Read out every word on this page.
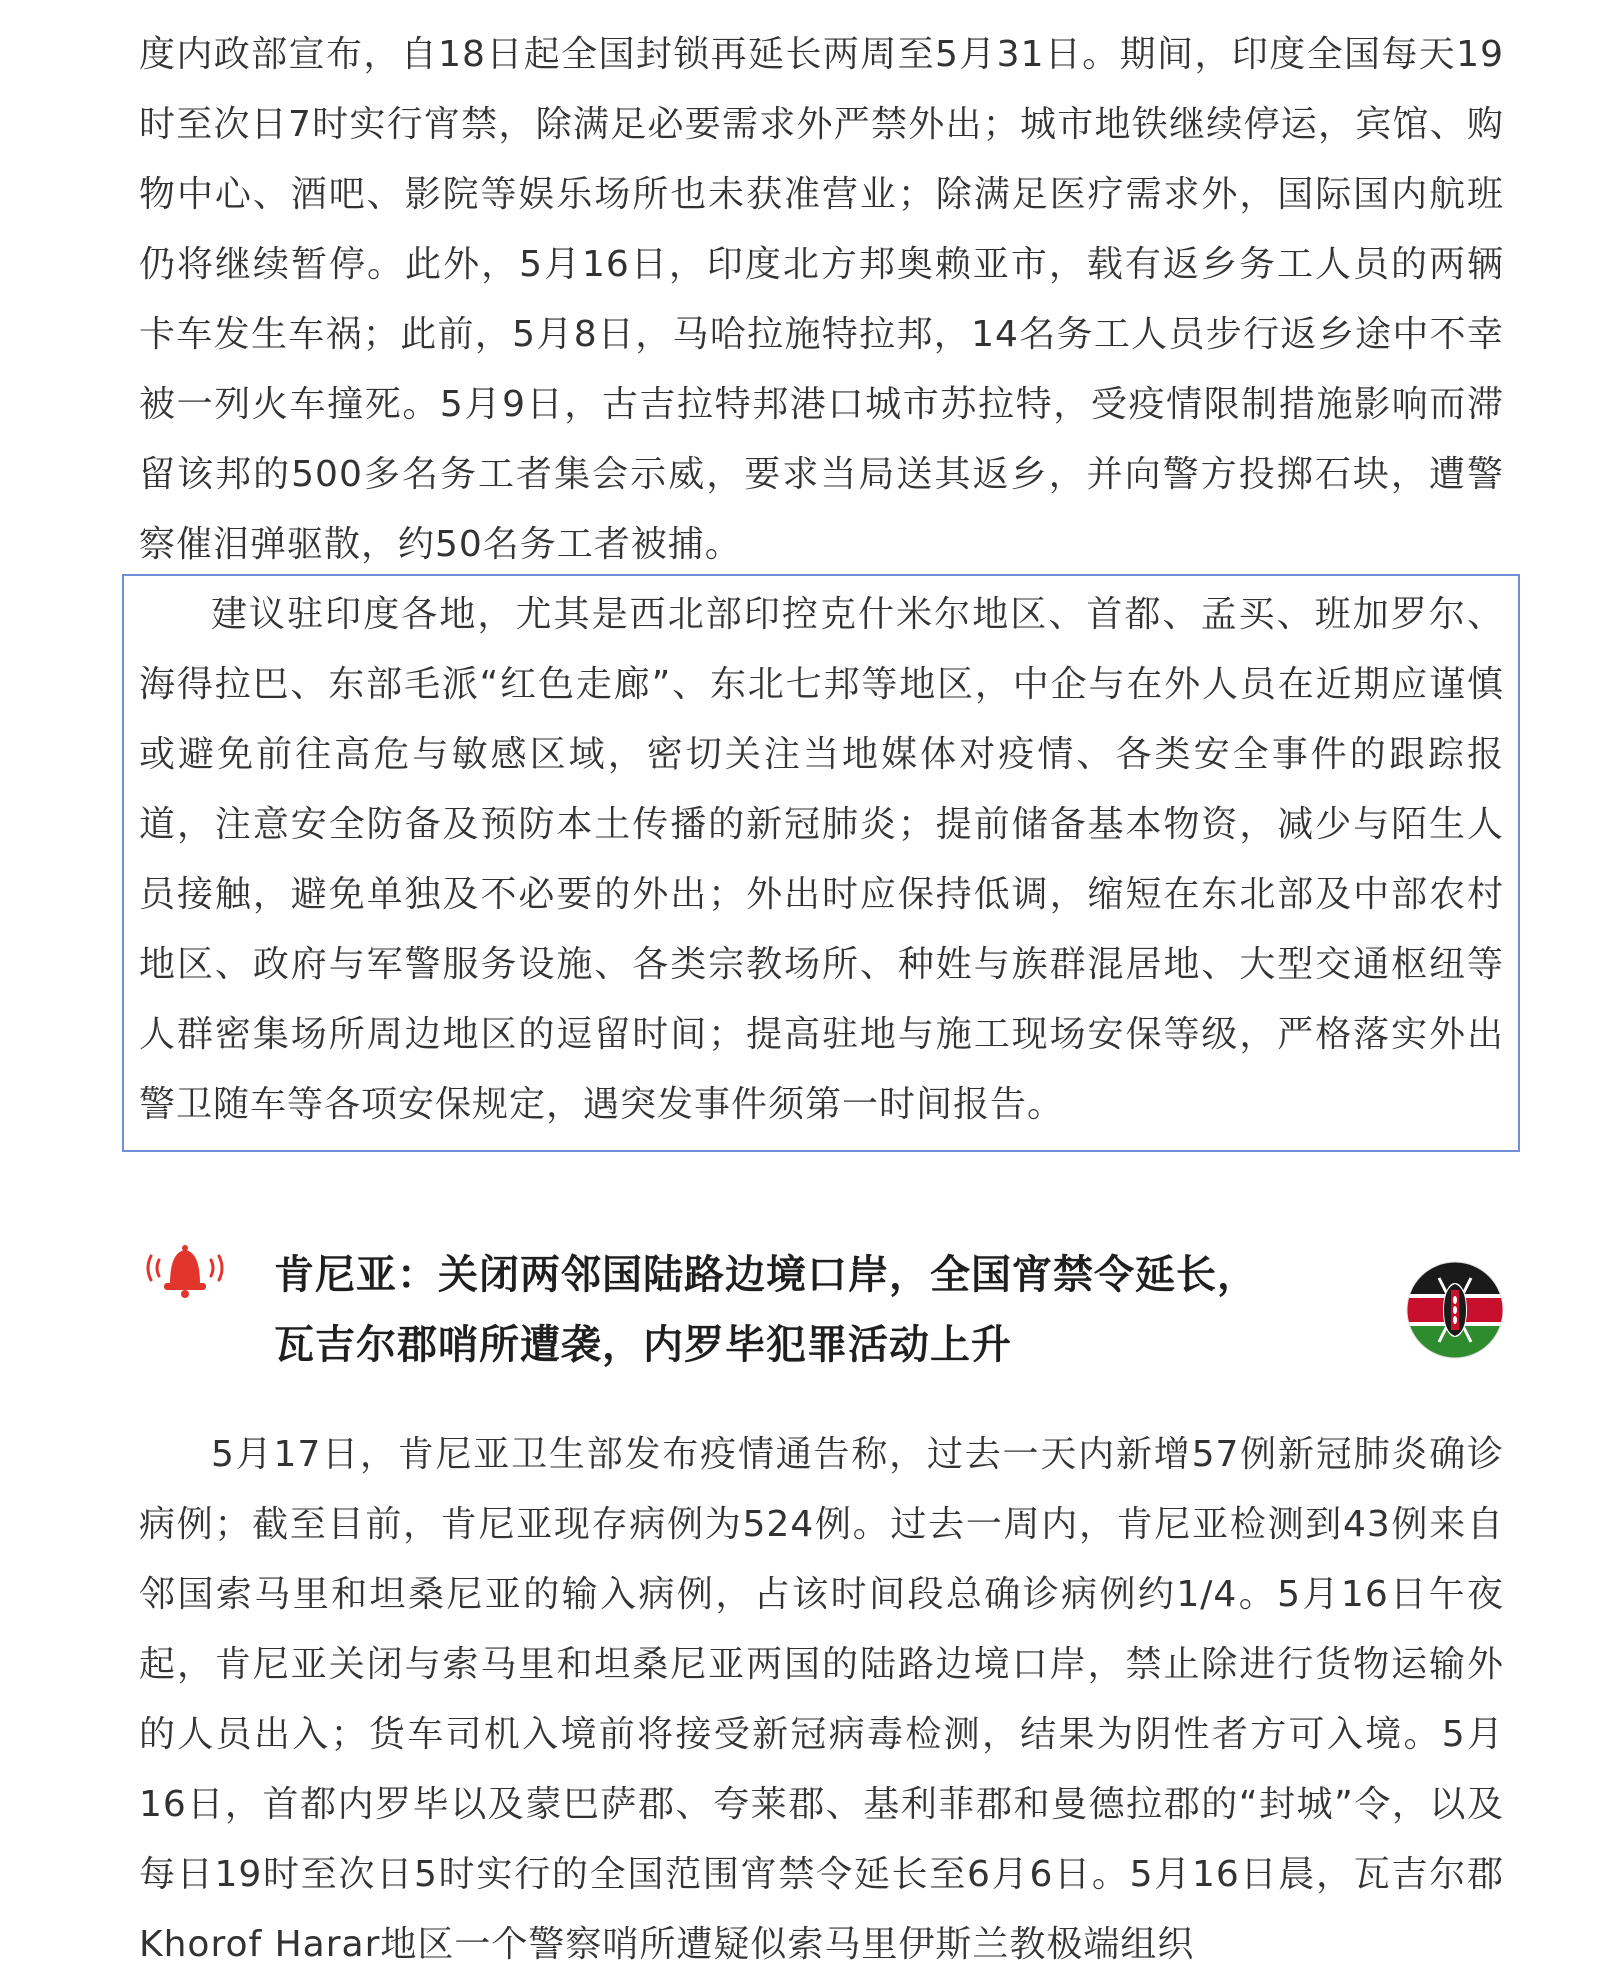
度内政部宣布，自18日起全国封锁再延长两周至5月31日。期间，印度全国每天19时至次日7时实行宵禁，除满足必要需求外严禁外出；城市地铁继续停运，宾馆、购物中心、酒吧、影院等娱乐场所也未获准营业；除满足医疗需求外，国际国内航班仍将继续暂停。此外，5月16日，印度北方邦奥赖亚市，载有返乡务工人员的两辆卡车发生车祸；此前，5月8日，马哈拉施特拉邦，14名务工人员步行返乡途中不幸被一列火车撞死。5月9日，古吉拉特邦港口城市苏拉特，受疫情限制措施影响而滞留该邦的500多名务工者集会示威，要求当局送其返乡，并向警方投掷石块，遭警察催泪弹驱散，约50名务工者被捕。

建议驻印度各地，尤其是西北部印控克什米尔地区、首都、孟买、班加罗尔、海得拉巴、东部毛派“红色走廊”、东北七邦等地区，中企与在外人员在近期应谨慎或避免前往高危与敏感区域，密切关注当地媒体对疫情、各类安全事件的跟踪报道，注意安全防备及预防本土传播的新冠肺炎；提前储备基本物资，减少与陌生人员接触，避免单独及不必要的外出；外出时应保持低调，缩短在东北部及中部农村地区、政府与军警服务设施、各类宗教场所、种姓与族群混居地、大型交通枢纽等人群密集场所周边地区的逗留时间；提高驻地与施工现场安保等级，严格落实外出警卫随车等各项安保规定，遇突发事件须第一时间报告。

肯尼亚：关闭两邻国陆路边境口岸，全国宵禁令延长，
瓦吉尔郡哨所遭袭，内罗毕犯罪活动上升

5月17日，肯尼亚卫生部发布疫情通告称，过去一天内新增57例新冠肺炎确诊病例；截至目前，肯尼亚现存病例为524例。过去一周内，肯尼亚检测到43例来自邻国索马里和坦桑尼亚的输入病例，占该时间段总确诊病例约1/4。5月16日午夜起，肯尼亚关闭与索马里和坦桑尼亚两国的陆路边境口岸，禁止除进行货物运输外的人员出入；货车司机入境前将接受新冠病毒检测，结果为阴性者方可入境。5月16日，首都内罗毕以及蒙巴萨郡、夸莱郡、基利菲郡和曼德拉郡的“封城”令，以及每日19时至次日5时实行的全国范围宵禁令延长至6月6日。5月16日晨，瓦吉尔郡Khorof Harar地区一个警察哨所遭疑似索马里伊斯兰教极端组织
